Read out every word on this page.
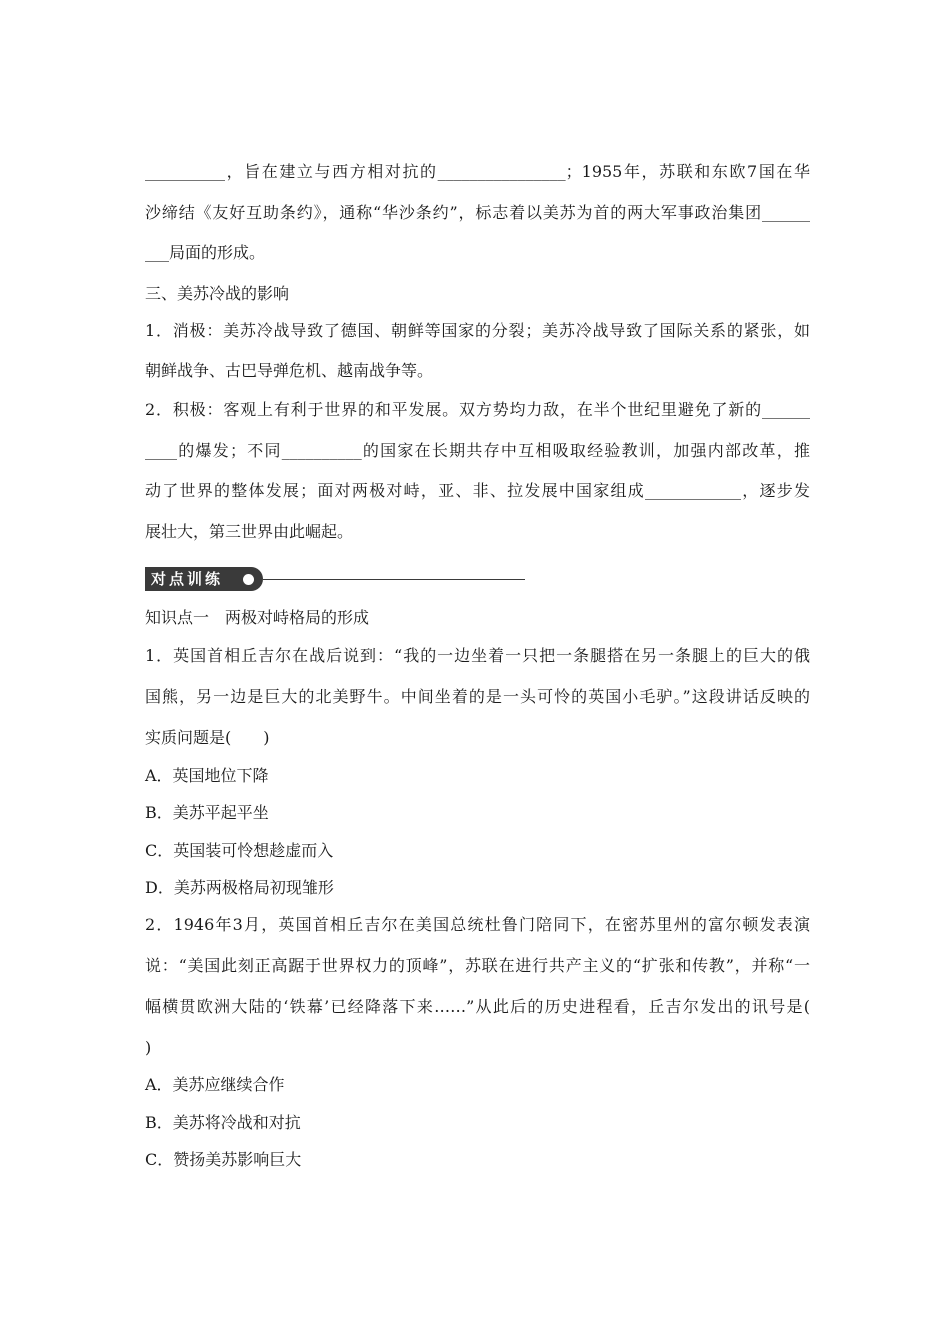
__________，旨在建立与西方相对抗的________________；1955年，苏联和东欧7国在华
沙缔结《友好互助条约》，通称“华沙条约”，标志着以美苏为首的两大军事政治集团______
___局面的形成。
三、美苏冷战的影响
1．消极：美苏冷战导致了德国、朝鲜等国家的分裂；美苏冷战导致了国际关系的紧张，如
朝鲜战争、古巴导弹危机、越南战争等。
2．积极：客观上有利于世界的和平发展。双方势均力敌，在半个世纪里避免了新的______
____的爆发；不同__________的国家在长期共存中互相吸取经验教训，加强内部改革，推
动了世界的整体发展；面对两极对峙，亚、非、拉发展中国家组成____________，逐步发
展壮大，第三世界由此崛起。
对点训练
知识点一　两极对峙格局的形成
1．英国首相丘吉尔在战后说到：“我的一边坐着一只把一条腿搭在另一条腿上的巨大的俄
国熊，另一边是巨大的北美野牛。中间坐着的是一头可怜的英国小毛驴。”这段讲话反映的
实质问题是(　　)
A．英国地位下降
B．美苏平起平坐
C．英国装可怜想趁虚而入
D．美苏两极格局初现雏形
2．1946年3月，英国首相丘吉尔在美国总统杜鲁门陪同下，在密苏里州的富尔顿发表演
说：“美国此刻正高踞于世界权力的顶峰”，苏联在进行共产主义的“扩张和传教”，并称“一
幅横贯欧洲大陆的‘铁幕’已经降落下来……”从此后的历史进程看，丘吉尔发出的讯号是(
)
A．美苏应继续合作
B．美苏将冷战和对抗
C．赞扬美苏影响巨大
